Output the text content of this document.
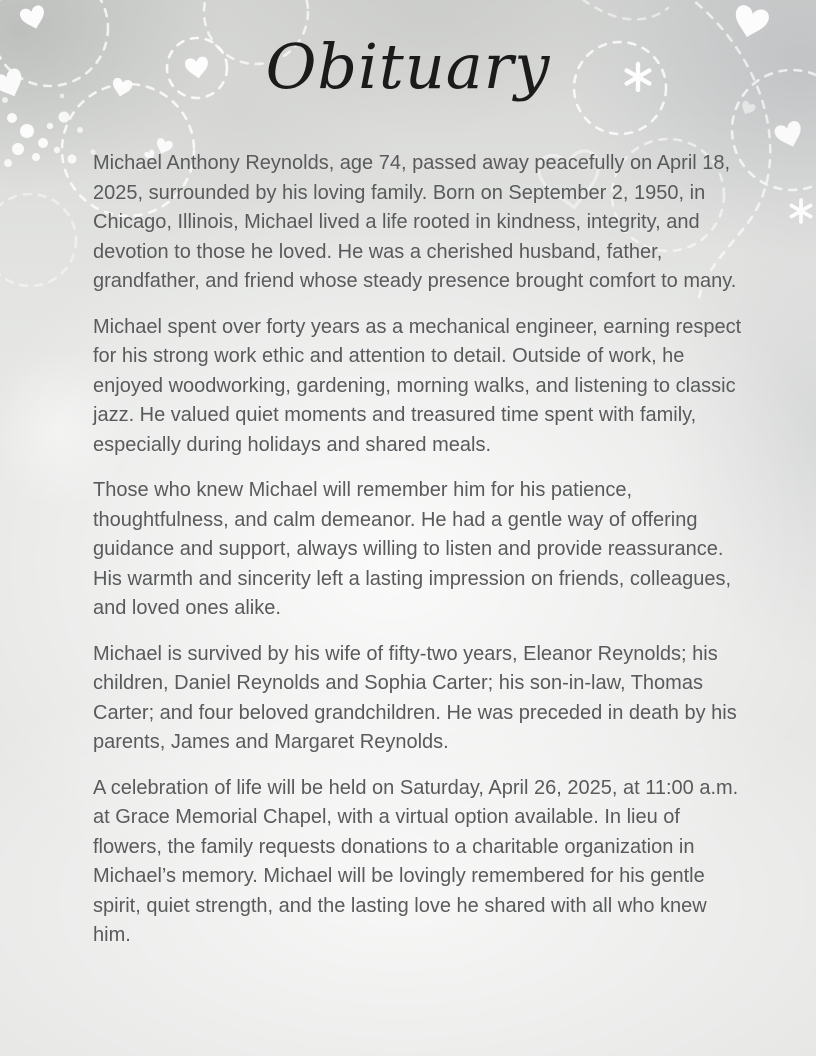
Obituary

Michael Anthony Reynolds, age 74, passed away peacefully on April 18, 2025, surrounded by his loving family. Born on September 2, 1950, in Chicago, Illinois, Michael lived a life rooted in kindness, integrity, and devotion to those he loved. He was a cherished husband, father, grandfather, and friend whose steady presence brought comfort to many.

Michael spent over forty years as a mechanical engineer, earning respect for his strong work ethic and attention to detail. Outside of work, he enjoyed woodworking, gardening, morning walks, and listening to classic jazz. He valued quiet moments and treasured time spent with family, especially during holidays and shared meals.

Those who knew Michael will remember him for his patience, thoughtfulness, and calm demeanor. He had a gentle way of offering guidance and support, always willing to listen and provide reassurance. His warmth and sincerity left a lasting impression on friends, colleagues, and loved ones alike.

Michael is survived by his wife of fifty-two years, Eleanor Reynolds; his children, Daniel Reynolds and Sophia Carter; his son-in-law, Thomas Carter; and four beloved grandchildren. He was preceded in death by his parents, James and Margaret Reynolds.

A celebration of life will be held on Saturday, April 26, 2025, at 11:00 a.m. at Grace Memorial Chapel, with a virtual option available. In lieu of flowers, the family requests donations to a charitable organization in Michael’s memory. Michael will be lovingly remembered for his gentle spirit, quiet strength, and the lasting love he shared with all who knew him.
